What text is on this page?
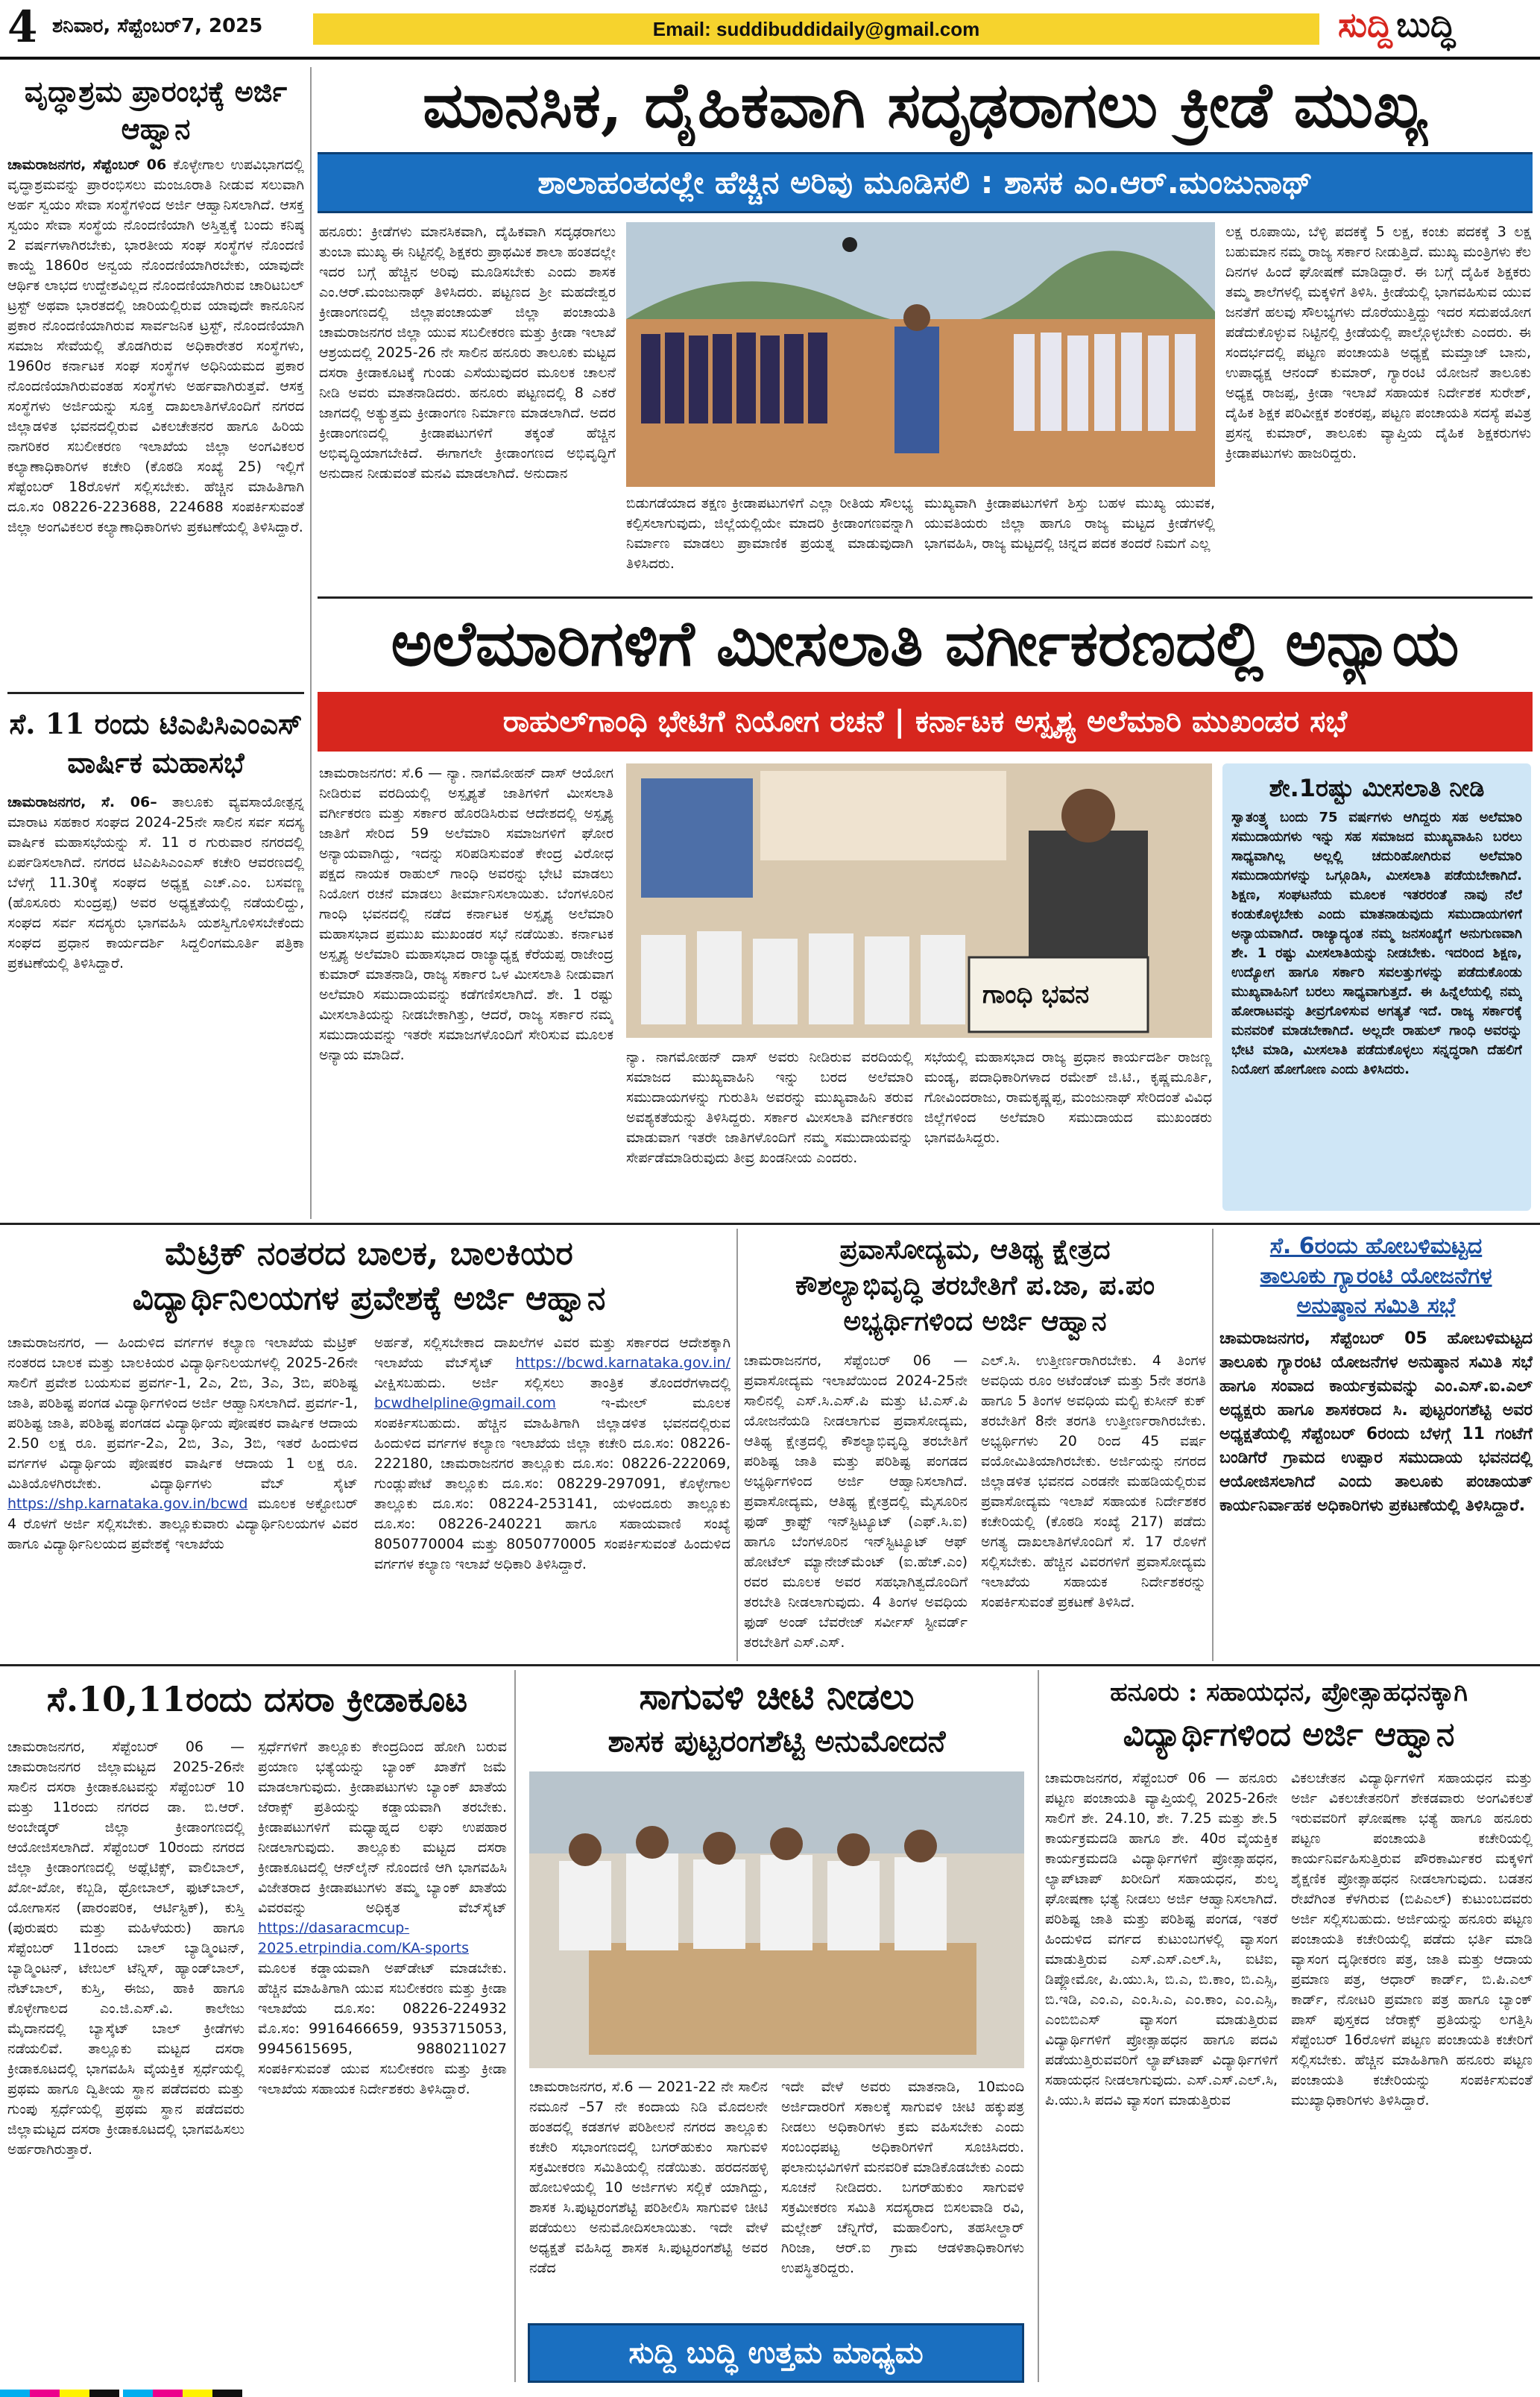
4 ಶನಿವಾರ, ಸೆಪ್ಟೆಂಬರ್7, 2025	Email: suddibuddidaily@gmail.com	ಸುದ್ದಿ ಬುದ್ಧಿ
ವೃದ್ಧಾಶ್ರಮ ಪ್ರಾರಂಭಕ್ಕೆ ಅರ್ಜಿ ಆಹ್ವಾನ
ಚಾಮರಾಜನಗರ, ಸೆಪ್ಟೆಂಬರ್ 06 ಕೊಳ್ಳೇಗಾಲ ಉಪವಿಭಾಗದಲ್ಲಿ ವೃದ್ಧಾಶ್ರಮವನ್ನು ಪ್ರಾರಂಭಿಸಲು ಮಂಜೂರಾತಿ ನೀಡುವ ಸಲುವಾಗಿ ಅರ್ಹ ಸ್ವಯಂ ಸೇವಾ ಸಂಸ್ಥೆಗಳಿಂದ ಅರ್ಜಿ ಆಹ್ವಾನಿಸಲಾಗಿದೆ. ಆಸಕ್ತ ಸ್ವಯಂ ಸೇವಾ ಸಂಸ್ಥೆಯ ನೊಂದಣಿಯಾಗಿ ಅಸ್ತಿತ್ವಕ್ಕೆ ಬಂದು ಕನಿಷ್ಠ 2 ವರ್ಷಗಳಾಗಿರಬೇಕು, ಭಾರತೀಯ ಸಂಘ ಸಂಸ್ಥೆಗಳ ನೊಂದಣಿ ಕಾಯ್ದೆ 1860ರ ಅನ್ವಯ ನೊಂದಣಿಯಾಗಿರಬೇಕು, ಯಾವುದೇ ಆರ್ಥಿಕ ಲಾಭದ ಉದ್ದೇಶವಿಲ್ಲದ ನೊಂದಣಿಯಾಗಿರುವ ಚಾರಿಟಬಲ್ ಟ್ರಸ್ಟ್ ಅಥವಾ ಭಾರತದಲ್ಲಿ ಜಾರಿಯಲ್ಲಿರುವ ಯಾವುದೇ ಕಾನೂನಿನ ಪ್ರಕಾರ ನೊಂದಣಿಯಾಗಿರುವ ಸಾರ್ವಜನಿಕ ಟ್ರಸ್ಟ್, ನೊಂದಣಿಯಾಗಿ ಸಮಾಜ ಸೇವೆಯಲ್ಲಿ ತೊಡಗಿರುವ ಅಧಿಕಾರೇತರ ಸಂಸ್ಥೆಗಳು, 1960ರ ಕರ್ನಾಟಕ ಸಂಘ ಸಂಸ್ಥೆಗಳ ಅಧಿನಿಯಮದ ಪ್ರಕಾರ ನೊಂದಣಿಯಾಗಿರುವಂತಹ ಸಂಸ್ಥೆಗಳು ಅರ್ಹವಾಗಿರುತ್ತವೆ. ಆಸಕ್ತ ಸಂಸ್ಥೆಗಳು ಅರ್ಜಿಯನ್ನು ಸೂಕ್ತ ದಾಖಲಾತಿಗಳೊಂದಿಗೆ ನಗರದ ಜಿಲ್ಲಾಡಳಿತ ಭವನದಲ್ಲಿರುವ ವಿಕಲಚೇತನರ ಹಾಗೂ ಹಿರಿಯ ನಾಗರಿಕರ ಸಬಲೀಕರಣ ಇಲಾಖೆಯ ಜಿಲ್ಲಾ ಅಂಗವಿಕಲರ ಕಲ್ಯಾಣಾಧಿಕಾರಿಗಳ ಕಚೇರಿ (ಕೊಠಡಿ ಸಂಖ್ಯೆ 25) ಇಲ್ಲಿಗೆ ಸೆಪ್ಟೆಂಬರ್ 18ರೊಳಗೆ ಸಲ್ಲಿಸಬೇಕು. ಹೆಚ್ಚಿನ ಮಾಹಿತಿಗಾಗಿ ದೂ.ಸಂ 08226-223688, 224688 ಸಂಪರ್ಕಿಸುವಂತೆ ಜಿಲ್ಲಾ ಅಂಗವಿಕಲರ ಕಲ್ಯಾಣಾಧಿಕಾರಿಗಳು ಪ್ರಕಟಣೆಯಲ್ಲಿ ತಿಳಿಸಿದ್ದಾರೆ.
ಸೆ. 11 ರಂದು ಟಿಎಪಿಸಿಎಂಎಸ್ ವಾರ್ಷಿಕ ಮಹಾಸಭೆ
ಚಾಮರಾಜನಗರ, ಸೆ. 06– ತಾಲೂಕು ವ್ಯವಸಾಯೋತ್ಪನ್ನ ಮಾರಾಟ ಸಹಕಾರ ಸಂಘದ 2024-25ನೇ ಸಾಲಿನ ಸರ್ವ ಸದಸ್ಯ ವಾರ್ಷಿಕ ಮಹಾಸಭೆಯನ್ನು ಸೆ. 11 ರ ಗುರುವಾರ ನಗರದಲ್ಲಿ ಏರ್ಪಡಿಸಲಾಗಿದೆ. ನಗರದ ಟಿಎಪಿಸಿಎಂಎಸ್ ಕಚೇರಿ ಆವರಣದಲ್ಲಿ ಬೆಳಗ್ಗೆ 11.30ಕ್ಕೆ ಸಂಘದ ಅಧ್ಯಕ್ಷ ಎಚ್.ಎಂ. ಬಸವಣ್ಣ (ಹೊಸೂರು ಸುಂದ್ರಪ್ಪ) ಅವರ ಅಧ್ಯಕ್ಷತೆಯಲ್ಲಿ ನಡೆಯಲಿದ್ದು, ಸಂಘದ ಸರ್ವ ಸದಸ್ಯರು ಭಾಗವಹಿಸಿ ಯಶಸ್ವಿಗೊಳಿಸಬೇಕೆಂದು ಸಂಘದ ಪ್ರಧಾನ ಕಾರ್ಯದರ್ಶಿ ಸಿದ್ದಲಿಂಗಮೂರ್ತಿ ಪತ್ರಿಕಾ ಪ್ರಕಟಣೆಯಲ್ಲಿ ತಿಳಿಸಿದ್ದಾರೆ.
ಮಾನಸಿಕ, ದೈಹಿಕವಾಗಿ ಸದೃಢರಾಗಲು ಕ್ರೀಡೆ ಮುಖ್ಯ
ಶಾಲಾಹಂತದಲ್ಲೇ ಹೆಚ್ಚಿನ ಅರಿವು ಮೂಡಿಸಲಿ : ಶಾಸಕ ಎಂ.ಆರ್.ಮಂಜುನಾಥ್
ಹನೂರು: ಕ್ರೀಡೆಗಳು ಮಾನಸಿಕವಾಗಿ, ದೈಹಿಕವಾಗಿ ಸದೃಢರಾಗಲು ತುಂಬಾ ಮುಖ್ಯ ಈ ನಿಟ್ಟಿನಲ್ಲಿ ಶಿಕ್ಷಕರು ಪ್ರಾಥಮಿಕ ಶಾಲಾ ಹಂತದಲ್ಲೇ ಇದರ ಬಗ್ಗೆ ಹೆಚ್ಚಿನ ಅರಿವು ಮೂಡಿಸಬೇಕು ಎಂದು ಶಾಸಕ ಎಂ.ಆರ್.ಮಂಜುನಾಥ್ ತಿಳಿಸಿದರು. ಪಟ್ಟಣದ ಶ್ರೀ ಮಹದೇಶ್ವರ ಕ್ರೀಡಾಂಗಣದಲ್ಲಿ ಜಿಲ್ಲಾಪಂಚಾಯತ್ ಜಿಲ್ಲಾ ಪಂಚಾಯತಿ ಚಾಮರಾಜನಗರ ಜಿಲ್ಲಾ ಯುವ ಸಬಲೀಕರಣ ಮತ್ತು ಕ್ರೀಡಾ ಇಲಾಖೆ ಆಶ್ರಯದಲ್ಲಿ 2025-26 ನೇ ಸಾಲಿನ ಹನೂರು ತಾಲೂಕು ಮಟ್ಟದ ದಸರಾ ಕ್ರೀಡಾಕೂಟಕ್ಕೆ ಗುಂಡು ಎಸೆಯುವುದರ ಮೂಲಕ ಚಾಲನೆ ನೀಡಿ ಅವರು ಮಾತನಾಡಿದರು. ಹನೂರು ಪಟ್ಟಣದಲ್ಲಿ 8 ಎಕರೆ ಜಾಗದಲ್ಲಿ ಅತ್ಯುತ್ತಮ ಕ್ರೀಡಾಂಗಣ ನಿರ್ಮಾಣ ಮಾಡಲಾಗಿದೆ. ಅದರ ಕ್ರೀಡಾಂಗಣದಲ್ಲಿ ಕ್ರೀಡಾಪಟುಗಳಿಗೆ ತಕ್ಕಂತೆ ಹೆಚ್ಚಿನ ಅಭಿವೃದ್ಧಿಯಾಗಬೇಕಿದೆ. ಈಗಾಗಲೇ ಕ್ರೀಡಾಂಗಣದ ಅಭಿವೃದ್ಧಿಗೆ ಅನುದಾನ ನೀಡುವಂತೆ ಮನವಿ ಮಾಡಲಾಗಿದೆ. ಅನುದಾನ
ಬಿಡುಗಡೆಯಾದ ತಕ್ಷಣ ಕ್ರೀಡಾಪಟುಗಳಿಗೆ ಎಲ್ಲಾ ರೀತಿಯ ಸೌಲಭ್ಯ ಕಲ್ಪಿಸಲಾಗುವುದು, ಜಿಲ್ಲೆಯಲ್ಲಿಯೇ ಮಾದರಿ ಕ್ರೀಡಾಂಗಣವನ್ನಾಗಿ ನಿರ್ಮಾಣ ಮಾಡಲು ಪ್ರಾಮಾಣಿಕ ಪ್ರಯತ್ನ ಮಾಡುವುದಾಗಿ ತಿಳಿಸಿದರು.
ಮುಖ್ಯವಾಗಿ ಕ್ರೀಡಾಪಟುಗಳಿಗೆ ಶಿಸ್ತು ಬಹಳ ಮುಖ್ಯ ಯುವಕ, ಯುವತಿಯರು ಜಿಲ್ಲಾ ಹಾಗೂ ರಾಜ್ಯ ಮಟ್ಟದ ಕ್ರೀಡೆಗಳಲ್ಲಿ ಭಾಗವಹಿಸಿ, ರಾಜ್ಯ ಮಟ್ಟದಲ್ಲಿ ಚಿನ್ನದ ಪದಕ ತಂದರೆ ನಿಮಗೆ ಎಲ್ಲ
ಲಕ್ಷ ರೂಪಾಯಿ, ಬೆಳ್ಳಿ ಪದಕಕ್ಕೆ 5 ಲಕ್ಷ, ಕಂಚು ಪದಕಕ್ಕೆ 3 ಲಕ್ಷ ಬಹುಮಾನ ನಮ್ಮ ರಾಜ್ಯ ಸರ್ಕಾರ ನೀಡುತ್ತಿದೆ. ಮುಖ್ಯ ಮಂತ್ರಿಗಳು ಕೆಲ ದಿನಗಳ ಹಿಂದೆ ಘೋಷಣೆ ಮಾಡಿದ್ದಾರೆ. ಈ ಬಗ್ಗೆ ದೈಹಿಕ ಶಿಕ್ಷಕರು ತಮ್ಮ ಶಾಲೆಗಳಲ್ಲಿ ಮಕ್ಕಳಿಗೆ ತಿಳಿಸಿ. ಕ್ರೀಡೆಯಲ್ಲಿ ಭಾಗವಹಿಸುವ ಯುವ ಜನತೆಗೆ ಹಲವು ಸೌಲಭ್ಯಗಳು ದೊರೆಯುತ್ತಿದ್ದು ಇದರ ಸದುಪಯೋಗ ಪಡೆದುಕೊಳ್ಳುವ ನಿಟ್ಟಿನಲ್ಲಿ ಕ್ರೀಡೆಯಲ್ಲಿ ಪಾಲ್ಗೊಳ್ಳಬೇಕು ಎಂದರು. ಈ ಸಂದರ್ಭದಲ್ಲಿ ಪಟ್ಟಣ ಪಂಚಾಯತಿ ಅಧ್ಯಕ್ಷೆ ಮಮ್ತಾಜ್ ಬಾನು, ಉಪಾಧ್ಯಕ್ಷ ಆನಂದ್ ಕುಮಾರ್, ಗ್ಯಾರಂಟಿ ಯೋಜನೆ ತಾಲೂಕು ಅಧ್ಯಕ್ಷ ರಾಜಪ್ಪ, ಕ್ರೀಡಾ ಇಲಾಖೆ ಸಹಾಯಕ ನಿರ್ದೇಶಕ ಸುರೇಶ್, ದೈಹಿಕ ಶಿಕ್ಷಕ ಪರಿವೀಕ್ಷಕ ಶಂಕರಪ್ಪ, ಪಟ್ಟಣ ಪಂಚಾಯತಿ ಸದಸ್ಯೆ ಪವಿತ್ರ ಪ್ರಸನ್ನ ಕುಮಾರ್, ತಾಲೂಕು ವ್ಯಾಪ್ತಿಯ ದೈಹಿಕ ಶಿಕ್ಷಕರುಗಳು ಕ್ರೀಡಾಪಟುಗಳು ಹಾಜರಿದ್ದರು.
ಅಲೆಮಾರಿಗಳಿಗೆ ಮೀಸಲಾತಿ ವರ್ಗೀಕರಣದಲ್ಲಿ ಅನ್ಯಾಯ
ರಾಹುಲ್‌ಗಾಂಧಿ ಭೇಟಿಗೆ ನಿಯೋಗ ರಚನೆ | ಕರ್ನಾಟಕ ಅಸ್ಪೃಶ್ಯ ಅಲೆಮಾರಿ ಮುಖಂಡರ ಸಭೆ
ಚಾಮರಾಜನಗರ: ಸೆ.6 — ನ್ಯಾ. ನಾಗಮೋಹನ್ ದಾಸ್ ಆಯೋಗ ನೀಡಿರುವ ವರದಿಯಲ್ಲಿ ಅಸ್ಪೃಶ್ಯತೆ ಜಾತಿಗಳಿಗೆ ಮೀಸಲಾತಿ ವರ್ಗೀಕರಣ ಮತ್ತು ಸರ್ಕಾರ ಹೊರಡಿಸಿರುವ ಆದೇಶದಲ್ಲಿ ಅಸ್ಪೃಶ್ಯ ಜಾತಿಗೆ ಸೇರಿದ 59 ಅಲೆಮಾರಿ ಸಮಾಜಗಳಿಗೆ ಘೋರ ಅನ್ಯಾಯವಾಗಿದ್ದು, ಇದನ್ನು ಸರಿಪಡಿಸುವಂತೆ ಕೇಂದ್ರ ವಿರೋಧ ಪಕ್ಷದ ನಾಯಕ ರಾಹುಲ್ ಗಾಂಧಿ ಅವರನ್ನು ಭೇಟಿ ಮಾಡಲು ನಿಯೋಗ ರಚನೆ ಮಾಡಲು ತೀರ್ಮಾನಿಸಲಾಯಿತು. ಬೆಂಗಳೂರಿನ ಗಾಂಧಿ ಭವನದಲ್ಲಿ ನಡೆದ ಕರ್ನಾಟಕ ಅಸ್ಪೃಶ್ಯ ಅಲೆಮಾರಿ ಮಹಾಸಭಾದ ಪ್ರಮುಖ ಮುಖಂಡರ ಸಭೆ ನಡೆಯಿತು. ಕರ್ನಾಟಕ ಅಸ್ಪೃಶ್ಯ ಅಲೆಮಾರಿ ಮಹಾಸಭಾದ ರಾಜ್ಯಾಧ್ಯಕ್ಷ ಕೆರೆಯಪ್ಪ ರಾಜೇಂದ್ರ ಕುಮಾರ್ ಮಾತನಾಡಿ, ರಾಜ್ಯ ಸರ್ಕಾರ ಒಳ ಮೀಸಲಾತಿ ನೀಡುವಾಗ ಅಲೆಮಾರಿ ಸಮುದಾಯವನ್ನು ಕಡೆಗಣಿಸಲಾಗಿದೆ. ಶೇ. 1 ರಷ್ಟು ಮೀಸಲಾತಿಯನ್ನು ನೀಡಬೇಕಾಗಿತ್ತು, ಆದರೆ, ರಾಜ್ಯ ಸರ್ಕಾರ ನಮ್ಮ ಸಮುದಾಯವನ್ನು ಇತರೇ ಸಮಾಜಗಳೊಂದಿಗೆ ಸೇರಿಸುವ ಮೂಲಕ ಅನ್ಯಾಯ ಮಾಡಿದೆ.
ಗಾಂಧಿ ಭವನ
ನ್ಯಾ. ನಾಗಮೋಹನ್ ದಾಸ್ ಅವರು ನೀಡಿರುವ ವರದಿಯಲ್ಲಿ ಸಮಾಜದ ಮುಖ್ಯವಾಹಿನಿ ಇನ್ನು ಬರದ ಅಲೆಮಾರಿ ಸಮುದಾಯಗಳನ್ನು ಗುರುತಿಸಿ ಅವರನ್ನು ಮುಖ್ಯವಾಹಿನಿ ತರುವ ಅವಶ್ಯಕತೆಯನ್ನು ತಿಳಿಸಿದ್ದರು. ಸರ್ಕಾರ ಮೀಸಲಾತಿ ವರ್ಗೀಕರಣ ಮಾಡುವಾಗ ಇತರೇ ಜಾತಿಗಳೊಂದಿಗೆ ನಮ್ಮ ಸಮುದಾಯವನ್ನು ಸೇರ್ಪಡೆಮಾಡಿರುವುದು ತೀವ್ರ ಖಂಡನೀಯ ಎಂದರು.
ಸಭೆಯಲ್ಲಿ ಮಹಾಸಭಾದ ರಾಜ್ಯ ಪ್ರಧಾನ ಕಾರ್ಯದರ್ಶಿ ರಾಜಣ್ಣ ಮಂಡ್ಯ, ಪದಾಧಿಕಾರಿಗಳಾದ ರಮೇಶ್ ಜಿ.ಟಿ., ಕೃಷ್ಣಮೂರ್ತಿ, ಗೋವಿಂದರಾಜು, ರಾಮಕೃಷ್ಣಪ್ಪ, ಮಂಜುನಾಥ್ ಸೇರಿದಂತೆ ವಿವಿಧ ಜಿಲ್ಲೆಗಳಿಂದ ಅಲೆಮಾರಿ ಸಮುದಾಯದ ಮುಖಂಡರು ಭಾಗವಹಿಸಿದ್ದರು.
ಶೇ.1ರಷ್ಟು ಮೀಸಲಾತಿ ನೀಡಿ
ಸ್ವಾತಂತ್ರ್ಯ ಬಂದು 75 ವರ್ಷಗಳು ಆಗಿದ್ದರು ಸಹ ಅಲೆಮಾರಿ ಸಮುದಾಯಗಳು ಇನ್ನು ಸಹ ಸಮಾಜದ ಮುಖ್ಯವಾಹಿನಿ ಬರಲು ಸಾಧ್ಯವಾಗಿಲ್ಲ ಅಲ್ಲಲ್ಲಿ ಚದುರಿಹೋಗಿರುವ ಅಲೆಮಾರಿ ಸಮುದಾಯಗಳನ್ನು ಒಗ್ಗೂಡಿಸಿ, ಮೀಸಲಾತಿ ಪಡೆಯಬೇಕಾಗಿದೆ. ಶಿಕ್ಷಣ, ಸಂಘಟನೆಯ ಮೂಲಕ ಇತರರಂತೆ ನಾವು ನೆಲೆ ಕಂಡುಕೊಳ್ಳಬೇಕು ಎಂದು ಮಾತನಾಡುವುದು ಸಮುದಾಯಗಳಿಗೆ ಅನ್ಯಾಯವಾಗಿದೆ. ರಾಜ್ಯಾದ್ಯಂತ ನಮ್ಮ ಜನಸಂಖ್ಯೆಗೆ ಅನುಗುಣವಾಗಿ ಶೇ. 1 ರಷ್ಟು ಮೀಸಲಾತಿಯನ್ನು ನೀಡಬೇಕು. ಇದರಿಂದ ಶಿಕ್ಷಣ, ಉದ್ಯೋಗ ಹಾಗೂ ಸರ್ಕಾರಿ ಸವಲತ್ತುಗಳನ್ನು ಪಡೆದುಕೊಂಡು ಮುಖ್ಯವಾಹಿನಿಗೆ ಬರಲು ಸಾಧ್ಯವಾಗುತ್ತದೆ. ಈ ಹಿನ್ನೆಲೆಯಲ್ಲಿ ನಮ್ಮ ಹೋರಾಟವನ್ನು ತೀವ್ರಗೊಳಿಸುವ ಅಗತ್ಯತೆ ಇದೆ. ರಾಜ್ಯ ಸರ್ಕಾರಕ್ಕೆ ಮನವರಿಕೆ ಮಾಡಬೇಕಾಗಿದೆ. ಅಲ್ಲದೇ ರಾಹುಲ್ ಗಾಂಧಿ ಅವರನ್ನು ಭೇಟಿ ಮಾಡಿ, ಮೀಸಲಾತಿ ಪಡೆದುಕೊಳ್ಳಲು ಸನ್ನದ್ಧರಾಗಿ ದೆಹಲಿಗೆ ನಿಯೋಗ ಹೋಗೋಣ ಎಂದು ತಿಳಿಸಿದರು.
ಮೆಟ್ರಿಕ್ ನಂತರದ ಬಾಲಕ, ಬಾಲಕಿಯರ
ವಿದ್ಯಾರ್ಥಿನಿಲಯಗಳ ಪ್ರವೇಶಕ್ಕೆ ಅರ್ಜಿ ಆಹ್ವಾನ
ಚಾಮರಾಜನಗರ, — ಹಿಂದುಳಿದ ವರ್ಗಗಳ ಕಲ್ಯಾಣ ಇಲಾಖೆಯ ಮೆಟ್ರಿಕ್ ನಂತರದ ಬಾಲಕ ಮತ್ತು ಬಾಲಕಿಯರ ವಿದ್ಯಾರ್ಥಿನಿಲಯಗಳಲ್ಲಿ 2025-26ನೇ ಸಾಲಿಗೆ ಪ್ರವೇಶ ಬಯಸುವ ಪ್ರವರ್ಗ-1, 2ಎ, 2ಬಿ, 3ಎ, 3ಬಿ, ಪರಿಶಿಷ್ಟ ಜಾತಿ, ಪರಿಶಿಷ್ಟ ಪಂಗಡ ವಿದ್ಯಾರ್ಥಿಗಳಿಂದ ಅರ್ಜಿ ಆಹ್ವಾನಿಸಲಾಗಿದೆ. ಪ್ರವರ್ಗ-1, ಪರಿಶಿಷ್ಟ ಜಾತಿ, ಪರಿಶಿಷ್ಟ ಪಂಗಡದ ವಿದ್ಯಾರ್ಥಿಯ ಪೋಷಕರ ವಾರ್ಷಿಕ ಆದಾಯ 2.50 ಲಕ್ಷ ರೂ. ಪ್ರವರ್ಗ-2ಎ, 2ಬಿ, 3ಎ, 3ಬಿ, ಇತರೆ ಹಿಂದುಳಿದ ವರ್ಗಗಳ ವಿದ್ಯಾರ್ಥಿಯ ಪೋಷಕರ ವಾರ್ಷಿಕ ಆದಾಯ 1 ಲಕ್ಷ ರೂ. ಮಿತಿಯೊಳಗಿರಬೇಕು. ವಿದ್ಯಾರ್ಥಿಗಳು ವೆಬ್ ಸೈಟ್ https://shp.karnataka.gov.in/bcwd ಮೂಲಕ ಅಕ್ಟೋಬರ್ 4 ರೊಳಗೆ ಅರ್ಜಿ ಸಲ್ಲಿಸಬೇಕು. ತಾಲ್ಲೂಕುವಾರು ವಿದ್ಯಾರ್ಥಿನಿಲಯಗಳ ವಿವರ ಹಾಗೂ ವಿದ್ಯಾರ್ಥಿನಿಲಯದ ಪ್ರವೇಶಕ್ಕೆ ಇಲಾಖೆಯ
ಅರ್ಹತೆ, ಸಲ್ಲಿಸಬೇಕಾದ ದಾಖಲೆಗಳ ವಿವರ ಮತ್ತು ಸರ್ಕಾರದ ಆದೇಶಕ್ಕಾಗಿ ಇಲಾಖೆಯ ವೆಬ್‌ಸೈಟ್ https://bcwd.karnataka.gov.in/ ವೀಕ್ಷಿಸಬಹುದು. ಅರ್ಜಿ ಸಲ್ಲಿಸಲು ತಾಂತ್ರಿಕ ತೊಂದರೆಗಳಾದಲ್ಲಿ bcwdhelpline@gmail.com	ಇ-ಮೇಲ್ ಮೂಲಕ ಸಂಪರ್ಕಿಸಬಹುದು. ಹೆಚ್ಚಿನ ಮಾಹಿತಿಗಾಗಿ ಜಿಲ್ಲಾಡಳಿತ ಭವನದಲ್ಲಿರುವ ಹಿಂದುಳಿದ ವರ್ಗಗಳ ಕಲ್ಯಾಣ ಇಲಾಖೆಯ ಜಿಲ್ಲಾ ಕಚೇರಿ ದೂ.ಸಂ: 08226-222180, ಚಾಮರಾಜನಗರ ತಾಲ್ಲೂಕು ದೂ.ಸಂ: 08226-222069, ಗುಂಡ್ಲುಪೇಟೆ ತಾಲ್ಲೂಕು ದೂ.ಸಂ: 08229-297091, ಕೊಳ್ಳೇಗಾಲ ತಾಲ್ಲೂಕು ದೂ.ಸಂ: 08224-253141, ಯಳಂದೂರು ತಾಲ್ಲೂಕು ದೂ.ಸಂ: 08226-240221 ಹಾಗೂ ಸಹಾಯವಾಣಿ ಸಂಖ್ಯೆ 8050770004 ಮತ್ತು 8050770005 ಸಂಪರ್ಕಿಸುವಂತೆ ಹಿಂದುಳಿದ ವರ್ಗಗಳ ಕಲ್ಯಾಣ ಇಲಾಖೆ ಅಧಿಕಾರಿ ತಿಳಿಸಿದ್ದಾರೆ.
ಪ್ರವಾಸೋದ್ಯಮ, ಆತಿಥ್ಯ ಕ್ಷೇತ್ರದ
ಕೌಶಲ್ಯಾಭಿವೃದ್ಧಿ ತರಬೇತಿಗೆ ಪ.ಜಾ, ಪ.ಪಂ
ಅಭ್ಯರ್ಥಿಗಳಿಂದ ಅರ್ಜಿ ಆಹ್ವಾನ
ಚಾಮರಾಜನಗರ, ಸೆಪ್ಟೆಂಬರ್ 06 — ಪ್ರವಾಸೋದ್ಯಮ ಇಲಾಖೆಯಿಂದ 2024-25ನೇ ಸಾಲಿನಲ್ಲಿ ಎಸ್.ಸಿ.ಎಸ್.ಪಿ ಮತ್ತು ಟಿ.ಎಸ್.ಪಿ ಯೋಜನೆಯಡಿ ನೀಡಲಾಗುವ ಪ್ರವಾಸೋದ್ಯಮ, ಆತಿಥ್ಯ ಕ್ಷೇತ್ರದಲ್ಲಿ ಕೌಶಲ್ಯಾಭಿವೃದ್ಧಿ ತರಬೇತಿಗೆ ಪರಿಶಿಷ್ಟ ಜಾತಿ ಮತ್ತು ಪರಿಶಿಷ್ಟ ಪಂಗಡದ ಅಭ್ಯರ್ಥಿಗಳಿಂದ ಅರ್ಜಿ ಆಹ್ವಾನಿಸಲಾಗಿದೆ. ಪ್ರವಾಸೋದ್ಯಮ, ಆತಿಥ್ಯ ಕ್ಷೇತ್ರದಲ್ಲಿ ಮೈಸೂರಿನ ಫುಡ್ ಕ್ರಾಫ್ಟ್ ಇನ್‌ಸ್ಟಿಟ್ಯೂಟ್ (ಎಫ್.ಸಿ.ಐ) ಹಾಗೂ ಬೆಂಗಳೂರಿನ ಇನ್‌ಸ್ಟಿಟ್ಯೂಟ್ ಆಫ್ ಹೋಟೆಲ್ ಮ್ಯಾನೇಜ್‌ಮೆಂಟ್ (ಐ.ಹೆಚ್.ಎಂ) ರವರ ಮೂಲಕ ಅವರ ಸಹಭಾಗಿತ್ವದೊಂದಿಗೆ ತರಬೇತಿ ನೀಡಲಾಗುವುದು. 4 ತಿಂಗಳ ಅವಧಿಯ ಫುಡ್ ಅಂಡ್ ಬೆವರೇಜ್ ಸರ್ವೀಸ್ ಸ್ಟೀವರ್ಡ್ ತರಬೇತಿಗೆ ಎಸ್.ಎಸ್.
ಎಲ್.ಸಿ. ಉತ್ತೀರ್ಣರಾಗಿರಬೇಕು. 4 ತಿಂಗಳ ಅವಧಿಯ ರೂಂ ಅಟೆಂಡೆಂಟ್ ಮತ್ತು 5ನೇ ತರಗತಿ ಹಾಗೂ 5 ತಿಂಗಳ ಅವಧಿಯ ಮಲ್ಟಿ ಕುಸೀನ್ ಕುಕ್ ತರಬೇತಿಗೆ 8ನೇ ತರಗತಿ ಉತ್ತೀರ್ಣರಾಗಿರಬೇಕು. ಅಭ್ಯರ್ಥಿಗಳು 20 ರಿಂದ 45 ವರ್ಷ ವಯೋಮಿತಿಯಾಗಿರಬೇಕು. ಅರ್ಜಿಯನ್ನು ನಗರದ ಜಿಲ್ಲಾಡಳಿತ ಭವನದ ಎರಡನೇ ಮಹಡಿಯಲ್ಲಿರುವ ಪ್ರವಾಸೋದ್ಯಮ ಇಲಾಖೆ ಸಹಾಯಕ ನಿರ್ದೇಶಕರ ಕಚೇರಿಯಲ್ಲಿ (ಕೊಠಡಿ ಸಂಖ್ಯೆ 217) ಪಡೆದು ಅಗತ್ಯ ದಾಖಲಾತಿಗಳೊಂದಿಗೆ ಸೆ. 17 ರೊಳಗೆ ಸಲ್ಲಿಸಬೇಕು. ಹೆಚ್ಚಿನ ವಿವರಗಳಿಗೆ ಪ್ರವಾಸೋದ್ಯಮ ಇಲಾಖೆಯ ಸಹಾಯಕ ನಿರ್ದೇಶಕರನ್ನು ಸಂಪರ್ಕಿಸುವಂತೆ ಪ್ರಕಟಣೆ ತಿಳಿಸಿದೆ.
ಸೆ. 6ರಂದು ಹೋಬಳಿಮಟ್ಟದ
ತಾಲೂಕು ಗ್ಯಾರಂಟಿ ಯೋಜನೆಗಳ
ಅನುಷ್ಠಾನ ಸಮಿತಿ ಸಭೆ
ಚಾಮರಾಜನಗರ, ಸೆಪ್ಟೆಂಬರ್ 05 ಹೋಬಳಿಮಟ್ಟದ ತಾಲೂಕು ಗ್ಯಾರಂಟಿ ಯೋಜನೆಗಳ ಅನುಷ್ಠಾನ ಸಮಿತಿ ಸಭೆ ಹಾಗೂ ಸಂವಾದ ಕಾರ್ಯಕ್ರಮವನ್ನು ಎಂ.ಎಸ್.ಐ.ಎಲ್ ಅಧ್ಯಕ್ಷರು ಹಾಗೂ ಶಾಸಕರಾದ ಸಿ. ಪುಟ್ಟರಂಗಶೆಟ್ಟಿ ಅವರ ಅಧ್ಯಕ್ಷತೆಯಲ್ಲಿ ಸೆಪ್ಟೆಂಬರ್ 6ರಂದು ಬೆಳಗ್ಗೆ 11 ಗಂಟೆಗೆ ಬಂಡಿಗೆರೆ ಗ್ರಾಮದ ಉಪ್ಪಾರ ಸಮುದಾಯ ಭವನದಲ್ಲಿ ಆಯೋಜಿಸಲಾಗಿದೆ ಎಂದು ತಾಲೂಕು ಪಂಚಾಯತ್ ಕಾರ್ಯನಿರ್ವಾಹಕ ಅಧಿಕಾರಿಗಳು ಪ್ರಕಟಣೆಯಲ್ಲಿ ತಿಳಿಸಿದ್ದಾರೆ.
ಸೆ.10,11ರಂದು ದಸರಾ ಕ್ರೀಡಾಕೂಟ
ಚಾಮರಾಜನಗರ, ಸೆಪ್ಟೆಂಬರ್ 06 — ಚಾಮರಾಜನಗರ ಜಿಲ್ಲಾಮಟ್ಟದ 2025-26ನೇ ಸಾಲಿನ ದಸರಾ ಕ್ರೀಡಾಕೂಟವನ್ನು ಸೆಪ್ಟೆಂಬರ್ 10 ಮತ್ತು 11ರಂದು ನಗರದ ಡಾ. ಬಿ.ಆರ್. ಅಂಬೇಡ್ಕರ್ ಜಿಲ್ಲಾ ಕ್ರೀಡಾಂಗಣದಲ್ಲಿ ಆಯೋಜಿಸಲಾಗಿದೆ. ಸೆಪ್ಟೆಂಬರ್ 10ರಂದು ನಗರದ ಜಿಲ್ಲಾ ಕ್ರೀಡಾಂಗಣದಲ್ಲಿ ಅಥ್ಲೆಟಿಕ್ಸ್, ವಾಲಿಬಾಲ್, ಖೋ-ಖೋ, ಕಬ್ಬಡಿ, ಥ್ರೋಬಾಲ್, ಫುಟ್‌ಬಾಲ್, ಯೋಗಾಸನ (ಪಾರಂಪರಿಕ, ಆರ್ಟಿಸ್ಟಿಕ್), ಕುಸ್ತಿ (ಪುರುಷರು ಮತ್ತು ಮಹಿಳೆಯರು) ಹಾಗೂ ಸೆಪ್ಟೆಂಬರ್ 11ರಂದು ಬಾಲ್ ಬ್ಯಾಡ್ಮಿಂಟನ್, ಬ್ಯಾಡ್ಮಿಂಟನ್, ಟೇಬಲ್ ಟೆನ್ನಿಸ್, ಹ್ಯಾಂಡ್‌ಬಾಲ್, ನೆಟ್‌ಬಾಲ್, ಕುಸ್ತಿ, ಈಜು, ಹಾಕಿ ಹಾಗೂ ಕೊಳ್ಳೇಗಾಲದ ಎಂ.ಜಿ.ಎಸ್.ವಿ. ಕಾಲೇಜು ಮೈದಾನದಲ್ಲಿ ಬ್ಯಾಸ್ಕೆಟ್ ಬಾಲ್ ಕ್ರೀಡೆಗಳು ನಡೆಯಲಿವೆ. ತಾಲ್ಲೂಕು ಮಟ್ಟದ ದಸರಾ ಕ್ರೀಡಾಕೂಟದಲ್ಲಿ ಭಾಗವಹಿಸಿ ವೈಯಕ್ತಿಕ ಸ್ಪರ್ಧೆಯಲ್ಲಿ ಪ್ರಥಮ ಹಾಗೂ ದ್ವಿತೀಯ ಸ್ಥಾನ ಪಡೆದವರು ಮತ್ತು ಗುಂಪು ಸ್ಪರ್ಧೆಯಲ್ಲಿ ಪ್ರಥಮ ಸ್ಥಾನ ಪಡೆದವರು ಜಿಲ್ಲಾಮಟ್ಟದ ದಸರಾ ಕ್ರೀಡಾಕೂಟದಲ್ಲಿ ಭಾಗವಹಿಸಲು ಅರ್ಹರಾಗಿರುತ್ತಾರೆ.
ಸ್ಪರ್ಧೆಗಳಿಗೆ ತಾಲ್ಲೂಕು ಕೇಂದ್ರದಿಂದ ಹೋಗಿ ಬರುವ ಪ್ರಯಾಣ ಭತ್ಯೆಯನ್ನು ಬ್ಯಾಂಕ್ ಖಾತೆಗೆ ಜಮೆ ಮಾಡಲಾಗುವುದು. ಕ್ರೀಡಾಪಟುಗಳು ಬ್ಯಾಂಕ್ ಖಾತೆಯ ಜೆರಾಕ್ಸ್ ಪ್ರತಿಯನ್ನು ಕಡ್ಡಾಯವಾಗಿ ತರಬೇಕು. ಕ್ರೀಡಾಪಟುಗಳಿಗೆ ಮಧ್ಯಾಹ್ನದ ಲಘು ಉಪಹಾರ ನೀಡಲಾಗುವುದು. ತಾಲ್ಲೂಕು ಮಟ್ಟದ ದಸರಾ ಕ್ರೀಡಾಕೂಟದಲ್ಲಿ ಆನ್‌ಲೈನ್ ನೊಂದಣಿ ಆಗಿ ಭಾಗವಹಿಸಿ ವಿಜೇತರಾದ ಕ್ರೀಡಾಪಟುಗಳು ತಮ್ಮ ಬ್ಯಾಂಕ್ ಖಾತೆಯ ವಿವರವನ್ನು ಅಧಿಕೃತ ವೆಬ್‌ಸೈಟ್ https://dasaracmcup-2025.etrpindia.com/KA-sports ಮೂಲಕ ಕಡ್ಡಾಯವಾಗಿ ಅಪ್‌ಡೇಟ್ ಮಾಡಬೇಕು. ಹೆಚ್ಚಿನ ಮಾಹಿತಿಗಾಗಿ ಯುವ ಸಬಲೀಕರಣ ಮತ್ತು ಕ್ರೀಡಾ ಇಲಾಖೆಯ ದೂ.ಸಂ: 08226-224932 ಮೊ.ಸಂ: 9916466659, 9353715053, 9945615695, 9880211027 ಸಂಪರ್ಕಿಸುವಂತೆ ಯುವ ಸಬಲೀಕರಣ ಮತ್ತು ಕ್ರೀಡಾ ಇಲಾಖೆಯ ಸಹಾಯಕ ನಿರ್ದೇಶಕರು ತಿಳಿಸಿದ್ದಾರೆ.
ಸಾಗುವಳಿ ಚೀಟಿ ನೀಡಲು
ಶಾಸಕ ಪುಟ್ಟರಂಗಶೆಟ್ಟಿ ಅನುಮೋದನೆ
ಚಾಮರಾಜನಗರ, ಸೆ.6 — 2021-22 ನೇ ಸಾಲಿನ ನಮೂನೆ –57 ನೇ ಕಂದಾಯ ನಿಡಿ ಮೊದಲನೇ ಹಂತದಲ್ಲಿ ಕಡತಗಳ ಪರಿಶೀಲನೆ ನಗರದ ತಾಲ್ಲೂಕು ಕಚೇರಿ ಸಭಾಂಗಣದಲ್ಲಿ ಬಗರ್‌ಹುಕುಂ ಸಾಗುವಳಿ ಸಕ್ರಮೀಕರಣ ಸಮಿತಿಯಲ್ಲಿ ನಡೆಯಿತು. ಹರದನಹಳ್ಳಿ ಹೋಬಳಿಯಲ್ಲಿ 10 ಅರ್ಜಿಗಳು ಸಲ್ಲಿಕೆ ಯಾಗಿದ್ದು, ಶಾಸಕ ಸಿ.ಪುಟ್ಟರಂಗಶೆಟ್ಟಿ ಪರಿಶೀಲಿಸಿ ಸಾಗುವಳಿ ಚೀಟಿ ಪಡೆಯಲು ಅನುಮೋದಿಸಲಾಯಿತು. ಇದೇ ವೇಳೆ ಅಧ್ಯಕ್ಷತೆ ವಹಿಸಿದ್ದ ಶಾಸಕ ಸಿ.ಪುಟ್ಟರಂಗಶೆಟ್ಟಿ ಅವರ ನಡೆದ
ಇದೇ ವೇಳೆ ಅವರು ಮಾತನಾಡಿ, 10ಮಂದಿ ಅರ್ಜಿದಾರರಿಗೆ ಸಕಾಲಕ್ಕೆ ಸಾಗುವಳಿ ಚೀಟಿ ಹಕ್ಕುಪತ್ರ ನೀಡಲು ಅಧಿಕಾರಿಗಳು ಕ್ರಮ ವಹಿಸಬೇಕು ಎಂದು ಸಂಬಂಧಪಟ್ಟ ಅಧಿಕಾರಿಗಳಿಗೆ ಸೂಚಿಸಿದರು. ಫಲಾನುಭವಿಗಳಿಗೆ ಮನವರಿಕೆ ಮಾಡಿಕೊಡಬೇಕು ಎಂದು ಸೂಚನೆ ನೀಡಿದರು. ಬಗರ್‌ಹುಕುಂ ಸಾಗುವಳಿ ಸಕ್ರಮೀಕರಣ ಸಮಿತಿ ಸದಸ್ಯರಾದ ಬಿಸಲವಾಡಿ ರವಿ, ಮಲ್ಲೇಶ್ ಚೆನ್ನಿಗೆರೆ, ಮಹಾಲಿಂಗು, ತಹಸೀಲ್ದಾರ್ ಗಿರಿಜಾ, ಆರ್.ಐ ಗ್ರಾಮ ಆಡಳಿತಾಧಿಕಾರಿಗಳು ಉಪಸ್ಥಿತರಿದ್ದರು.
ಸುದ್ದಿ ಬುದ್ಧಿ ಉತ್ತಮ ಮಾಧ್ಯಮ
ಹನೂರು : ಸಹಾಯಧನ, ಪ್ರೋತ್ಸಾಹಧನಕ್ಕಾಗಿ
ವಿದ್ಯಾರ್ಥಿಗಳಿಂದ ಅರ್ಜಿ ಆಹ್ವಾನ
ಚಾಮರಾಜನಗರ, ಸೆಪ್ಟೆಂಬರ್ 06 — ಹನೂರು ಪಟ್ಟಣ ಪಂಚಾಯತಿ ವ್ಯಾಪ್ತಿಯಲ್ಲಿ 2025-26ನೇ ಸಾಲಿಗೆ ಶೇ. 24.10, ಶೇ. 7.25 ಮತ್ತು ಶೇ.5 ಕಾರ್ಯಕ್ರಮದಡಿ ಹಾಗೂ ಶೇ. 40ರ ವೈಯಕ್ತಿಕ ಕಾರ್ಯಕ್ರಮದಡಿ ವಿದ್ಯಾರ್ಥಿಗಳಿಗೆ ಪ್ರೋತ್ಸಾಹಧನ, ಲ್ಯಾಪ್‌ಟಾಪ್ ಖರೀದಿಗೆ ಸಹಾಯಧನ, ಶುಲ್ಕ ಘೋಷಣಾ ಭತ್ಯೆ ನೀಡಲು ಅರ್ಜಿ ಆಹ್ವಾನಿಸಲಾಗಿದೆ. ಪರಿಶಿಷ್ಟ ಜಾತಿ ಮತ್ತು ಪರಿಶಿಷ್ಟ ಪಂಗಡ, ಇತರೆ ಹಿಂದುಳಿದ ವರ್ಗದ ಕುಟುಂಬಗಳಲ್ಲಿ ವ್ಯಾಸಂಗ ಮಾಡುತ್ತಿರುವ ಎಸ್.ಎಸ್.ಎಲ್.ಸಿ, ಐಟಿಐ, ಡಿಪ್ಲೋಮೋ, ಪಿ.ಯು.ಸಿ, ಬಿ.ಎ, ಬಿ.ಕಾಂ, ಬಿ.ಎಸ್ಸಿ, ಬಿ.ಇಡಿ, ಎಂ.ಎ, ಎಂ.ಸಿ.ಎ, ಎಂ.ಕಾಂ, ಎಂ.ಎಸ್ಸಿ, ಎಂಬಿಬಿಎಸ್ ವ್ಯಾಸಂಗ ಮಾಡುತ್ತಿರುವ ವಿದ್ಯಾರ್ಥಿಗಳಿಗೆ ಪ್ರೋತ್ಸಾಹಧನ ಹಾಗೂ ಪದವಿ ಪಡೆಯುತ್ತಿರುವವರಿಗೆ ಲ್ಯಾಪ್‌ಟಾಪ್ ವಿದ್ಯಾರ್ಥಿಗಳಿಗೆ ಸಹಾಯಧನ ನೀಡಲಾಗುವುದು. ಎಸ್.ಎಸ್.ಎಲ್.ಸಿ, ಪಿ.ಯು.ಸಿ ಪದವಿ ವ್ಯಾಸಂಗ ಮಾಡುತ್ತಿರುವ
ವಿಕಲಚೇತನ ವಿದ್ಯಾರ್ಥಿಗಳಿಗೆ ಸಹಾಯಧನ ಮತ್ತು ಅರ್ಜಿ ವಿಕಲಚೇತನರಿಗೆ ಶೇಕಡವಾರು ಅಂಗವಿಕಲತೆ ಇರುವವರಿಗೆ ಘೋಷಣಾ ಭತ್ಯೆ ಹಾಗೂ ಹನೂರು ಪಟ್ಟಣ ಪಂಚಾಯತಿ ಕಚೇರಿಯಲ್ಲಿ ಕಾರ್ಯನಿರ್ವಹಿಸುತ್ತಿರುವ ಪೌರಕಾರ್ಮಿಕರ ಮಕ್ಕಳಿಗೆ ಶೈಕ್ಷಣಿಕ ಪ್ರೋತ್ಸಾಹಧನ ನೀಡಲಾಗುವುದು. ಬಡತನ ರೇಖೆಗಿಂತ ಕೆಳಗಿರುವ (ಬಿಪಿಎಲ್) ಕುಟುಂಬದವರು ಅರ್ಜಿ ಸಲ್ಲಿಸಬಹುದು. ಅರ್ಜಿಯನ್ನು ಹನೂರು ಪಟ್ಟಣ ಪಂಚಾಯತಿ ಕಚೇರಿಯಲ್ಲಿ ಪಡೆದು ಭರ್ತಿ ಮಾಡಿ ವ್ಯಾಸಂಗ ದೃಢೀಕರಣ ಪತ್ರ, ಜಾತಿ ಮತ್ತು ಆದಾಯ ಪ್ರಮಾಣ ಪತ್ರ, ಆಧಾರ್ ಕಾರ್ಡ್, ಬಿ.ಪಿ.ಎಲ್ ಕಾರ್ಡ್, ನೋಟರಿ ಪ್ರಮಾಣ ಪತ್ರ ಹಾಗೂ ಬ್ಯಾಂಕ್ ಪಾಸ್ ಪುಸ್ತಕದ ಜೆರಾಕ್ಸ್ ಪ್ರತಿಯನ್ನು ಲಗತ್ತಿಸಿ ಸೆಪ್ಟೆಂಬರ್ 16ರೊಳಗೆ ಪಟ್ಟಣ ಪಂಚಾಯತಿ ಕಚೇರಿಗೆ ಸಲ್ಲಿಸಬೇಕು. ಹೆಚ್ಚಿನ ಮಾಹಿತಿಗಾಗಿ ಹನೂರು ಪಟ್ಟಣ ಪಂಚಾಯತಿ ಕಚೇರಿಯನ್ನು ಸಂಪರ್ಕಿಸುವಂತೆ ಮುಖ್ಯಾಧಿಕಾರಿಗಳು ತಿಳಿಸಿದ್ದಾರೆ.
